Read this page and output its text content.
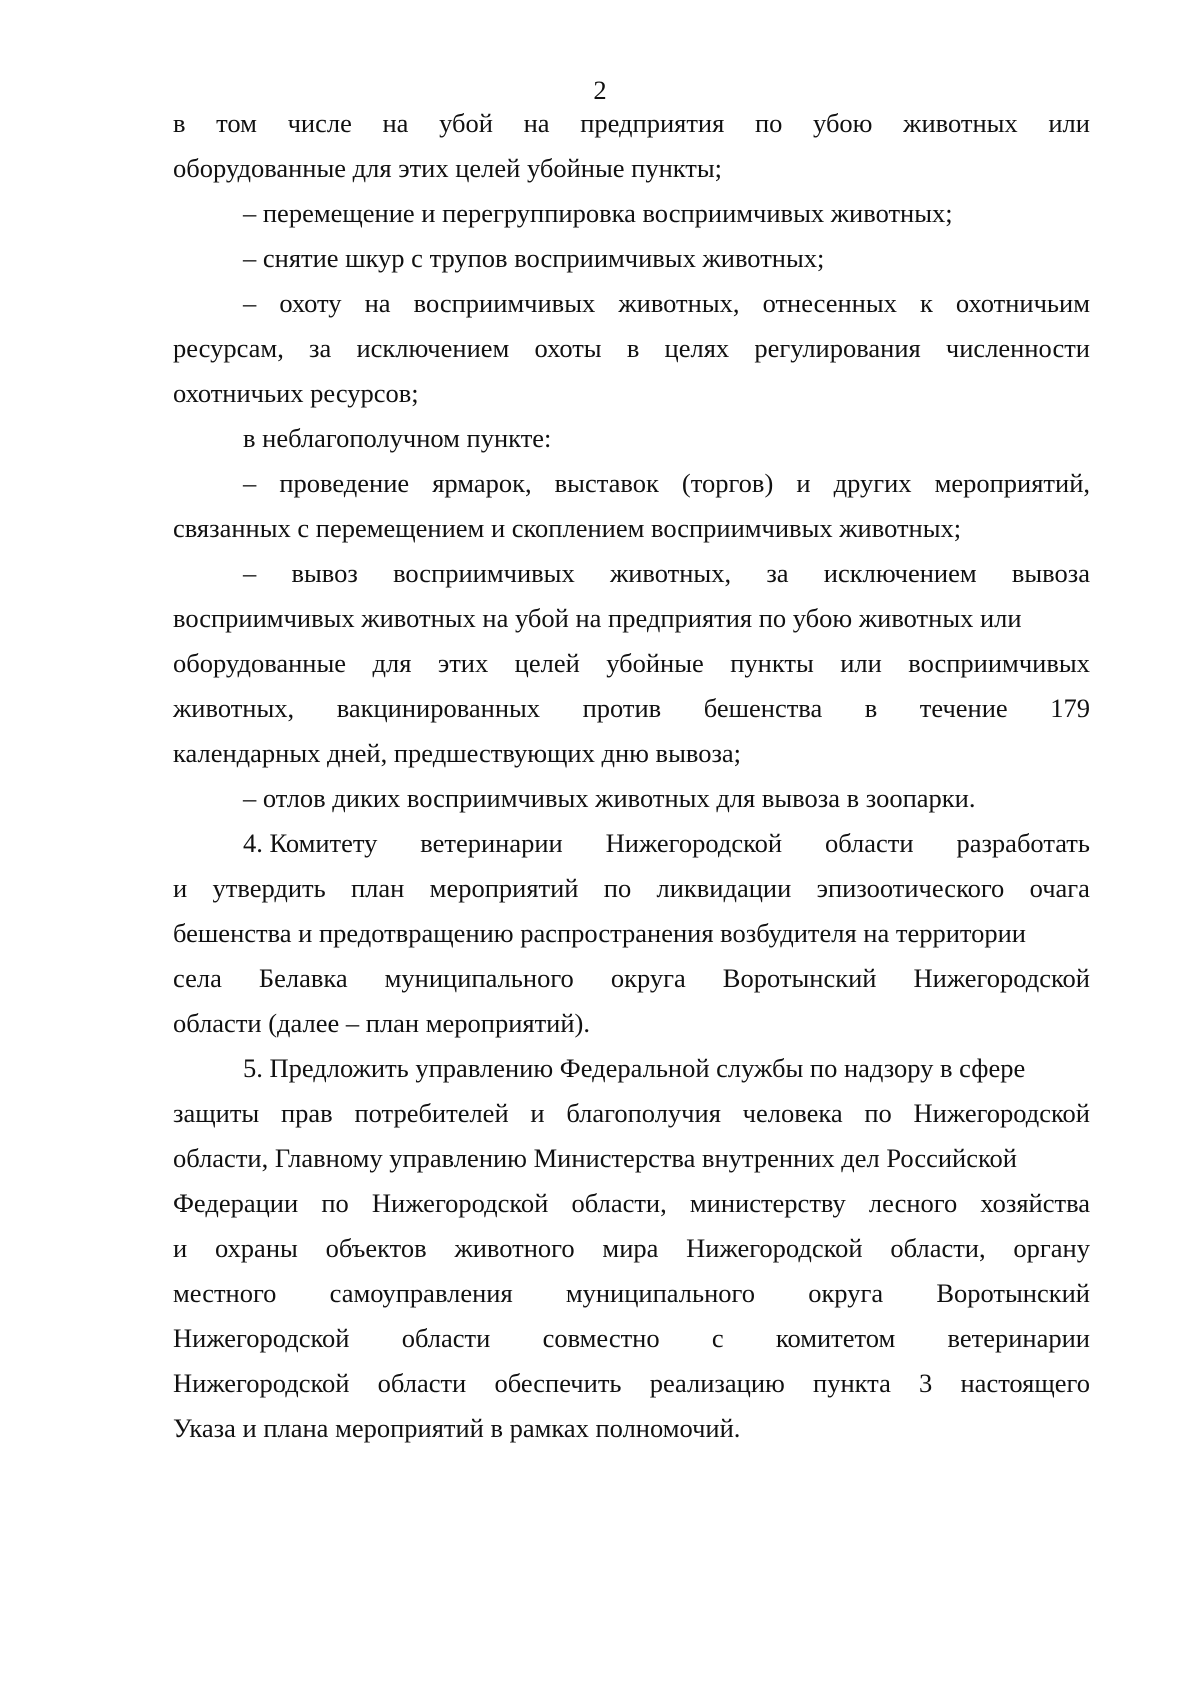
2
в том числе на убой на предприятия по убою животных или
оборудованные для этих целей убойные пункты;
– перемещение и перегруппировка восприимчивых животных;
– снятие шкур с трупов восприимчивых животных;
– охоту на восприимчивых животных, отнесенных к охотничьим
ресурсам, за исключением охоты в целях регулирования численности
охотничьих ресурсов;
в неблагополучном пункте:
– проведение ярмарок, выставок (торгов) и других мероприятий,
связанных с перемещением и скоплением восприимчивых животных;
– вывоз восприимчивых животных, за исключением вывоза
восприимчивых животных на убой на предприятия по убою животных или
оборудованные для этих целей убойные пункты или восприимчивых
животных, вакцинированных против бешенства в течение 179
календарных дней, предшествующих дню вывоза;
– отлов диких восприимчивых животных для вывоза в зоопарки.
4. Комитету ветеринарии Нижегородской области разработать
и утвердить план мероприятий по ликвидации эпизоотического очага
бешенства и предотвращению распространения возбудителя на территории
села Белавка муниципального округа Воротынский Нижегородской
области (далее – план мероприятий).
5. Предложить управлению Федеральной службы по надзору в сфере
защиты прав потребителей и благополучия человека по Нижегородской
области, Главному управлению Министерства внутренних дел Российской
Федерации по Нижегородской области, министерству лесного хозяйства
и охраны объектов животного мира Нижегородской области, органу
местного самоуправления муниципального округа Воротынский
Нижегородской области совместно с комитетом ветеринарии
Нижегородской области обеспечить реализацию пункта 3 настоящего
Указа и плана мероприятий в рамках полномочий.
